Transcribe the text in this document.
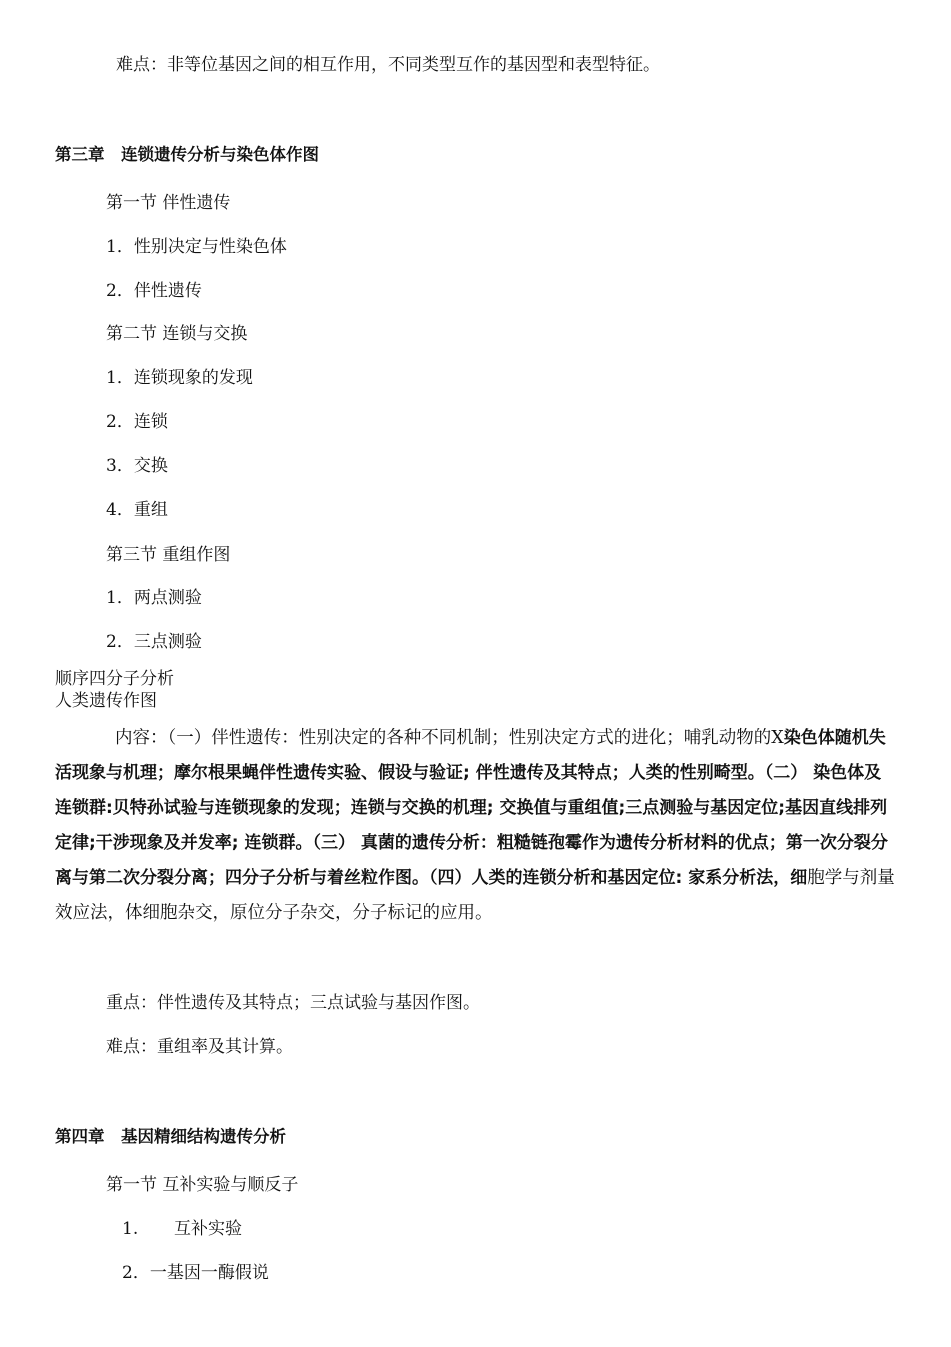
难点：非等位基因之间的相互作用，不同类型互作的基因型和表型特征。
第三章　连锁遗传分析与染色体作图
第一节 伴性遗传
1．性别决定与性染色体
2．伴性遗传
第二节 连锁与交换
1．连锁现象的发现
2．连锁
3．交换
4．重组
第三节 重组作图
1．两点测验
2．三点测验
顺序四分子分析
人类遗传作图
内容：（一）伴性遗传：性别决定的各种不同机制；性别决定方式的进化；哺乳动物的X染色体随机失活现象与机理；摩尔根果蝇伴性遗传实验、假设与验证; 伴性遗传及其特点；人类的性别畸型。（二） 染色体及连锁群:贝特孙试验与连锁现象的发现；连锁与交换的机理; 交换值与重组值;三点测验与基因定位;基因直线排列定律;干涉现象及并发率; 连锁群。（三） 真菌的遗传分析：粗糙链孢霉作为遗传分析材料的优点；第一次分裂分离与第二次分裂分离；四分子分析与着丝粒作图。（四）人类的连锁分析和基因定位: 家系分析法，细胞学与剂量效应法，体细胞杂交，原位分子杂交，分子标记的应用。
重点：伴性遗传及其特点；三点试验与基因作图。
难点：重组率及其计算。
第四章　基因精细结构遗传分析
第一节 互补实验与顺反子
1. 互补实验
2．一基因一酶假说
